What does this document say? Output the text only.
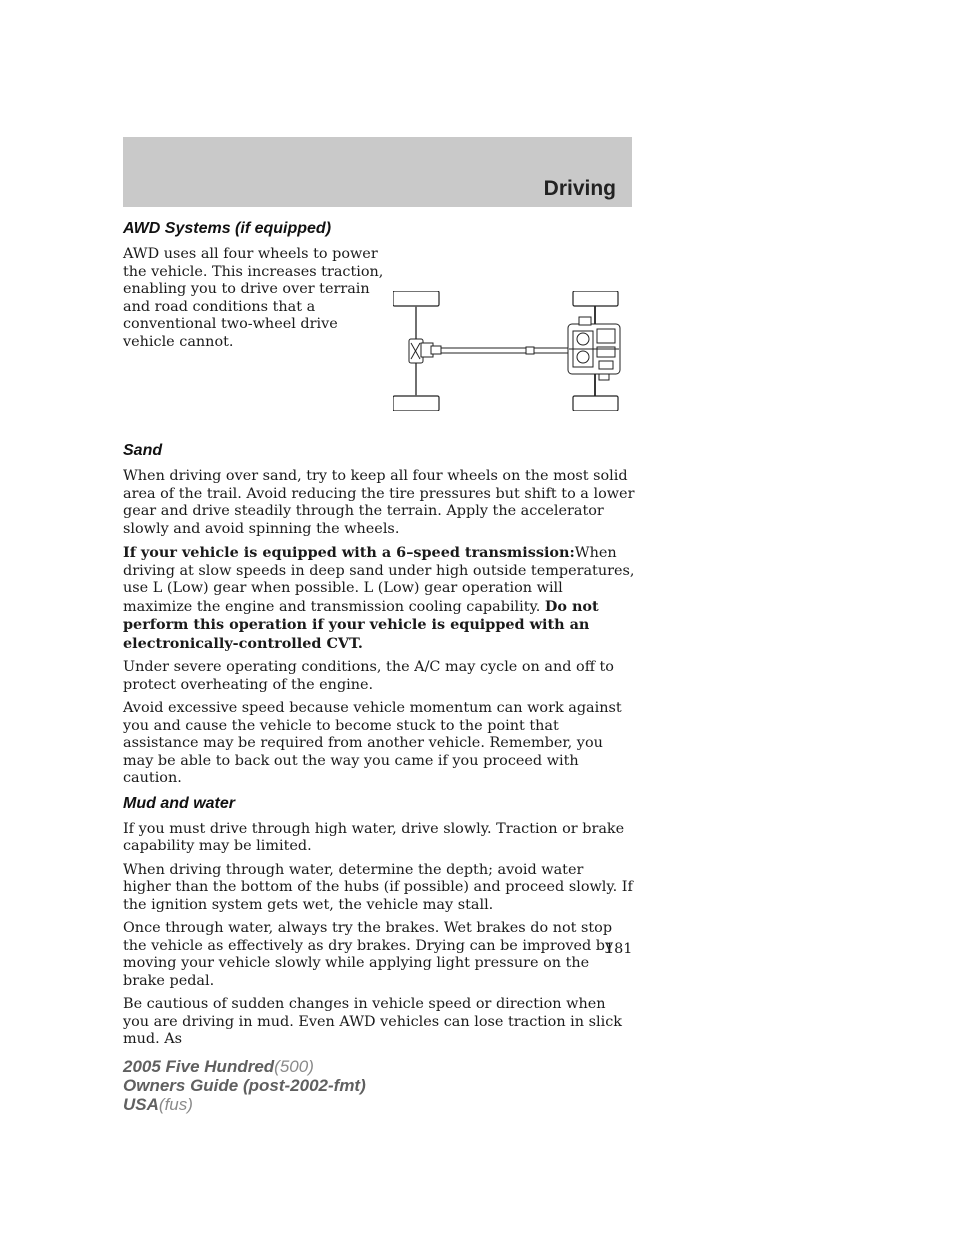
Driving
AWD Systems (if equipped)
AWD uses all four wheels to power the vehicle. This increases traction, enabling you to drive over terrain and road conditions that a conventional two-wheel drive vehicle cannot.
Sand

When driving over sand, try to keep all four wheels on the most solid area of the trail. Avoid reducing the tire pressures but shift to a lower gear and drive steadily through the terrain. Apply the accelerator slowly and avoid spinning the wheels.

If your vehicle is equipped with a 6–speed transmission:When driving at slow speeds in deep sand under high outside temperatures, use L (Low) gear when possible. L (Low) gear operation will maximize the engine and transmission cooling capability. Do not perform this operation if your vehicle is equipped with an electronically-controlled CVT.

Under severe operating conditions, the A/C may cycle on and off to protect overheating of the engine.

Avoid excessive speed because vehicle momentum can work against you and cause the vehicle to become stuck to the point that assistance may be required from another vehicle. Remember, you may be able to back out the way you came if you proceed with caution.

Mud and water

If you must drive through high water, drive slowly. Traction or brake capability may be limited.

When driving through water, determine the depth; avoid water higher than the bottom of the hubs (if possible) and proceed slowly. If the ignition system gets wet, the vehicle may stall.

Once through water, always try the brakes. Wet brakes do not stop the vehicle as effectively as dry brakes. Drying can be improved by moving your vehicle slowly while applying light pressure on the brake pedal.

Be cautious of sudden changes in vehicle speed or direction when you are driving in mud. Even AWD vehicles can lose traction in slick mud. As

181

2005 Five Hundred(500)
Owners Guide (post-2002-fmt)
USA(fus)
